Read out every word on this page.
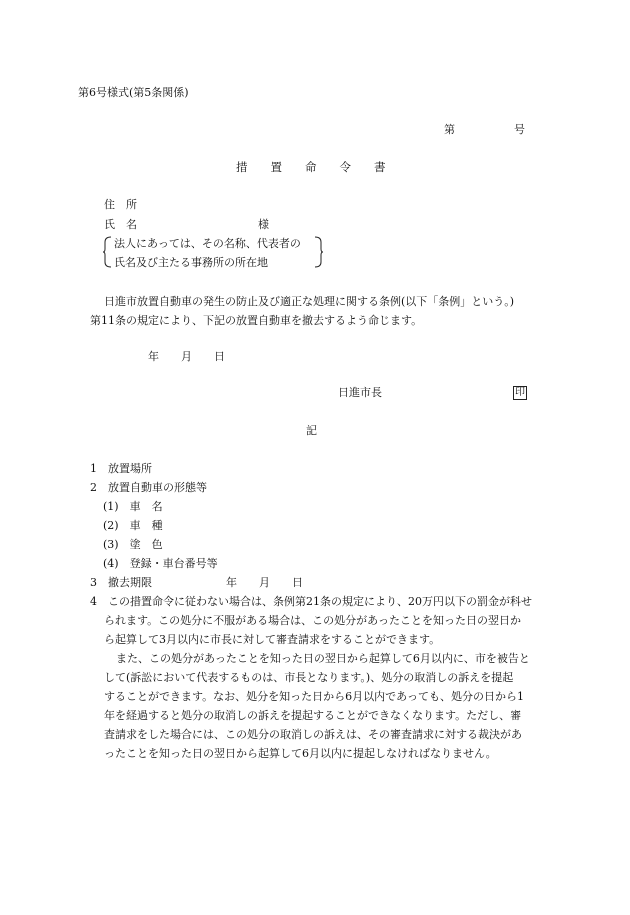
第6号様式(第5条関係)
第	号
措　　置　　命　　令　　書
住　所
氏　名	様
法人にあっては、その名称、代表者の
氏名及び主たる事務所の所在地
日進市放置自動車の発生の防止及び適正な処理に関する条例(以下「条例」という。)
第11条の規定により、下記の放置自動車を撤去するよう命じます。
年　　月　　日
日進市長	印
記
1　放置場所
2　放置自動車の形態等
(1)　車　名
(2)　車　種
(3)　塗　色
(4)　登録・車台番号等
3　撤去期限	年　　月　　日
4　この措置命令に従わない場合は、条例第21条の規定により、20万円以下の罰金が科せ
られます。この処分に不服がある場合は、この処分があったことを知った日の翌日か
ら起算して3月以内に市長に対して審査請求をすることができます。
また、この処分があったことを知った日の翌日から起算して6月以内に、市を被告と
して(訴訟において代表するものは、市長となります。)、処分の取消しの訴えを提起
することができます。なお、処分を知った日から6月以内であっても、処分の日から1
年を経過すると処分の取消しの訴えを提起することができなくなります。ただし、審
査請求をした場合には、この処分の取消しの訴えは、その審査請求に対する裁決があ
ったことを知った日の翌日から起算して6月以内に提起しなければなりません。
